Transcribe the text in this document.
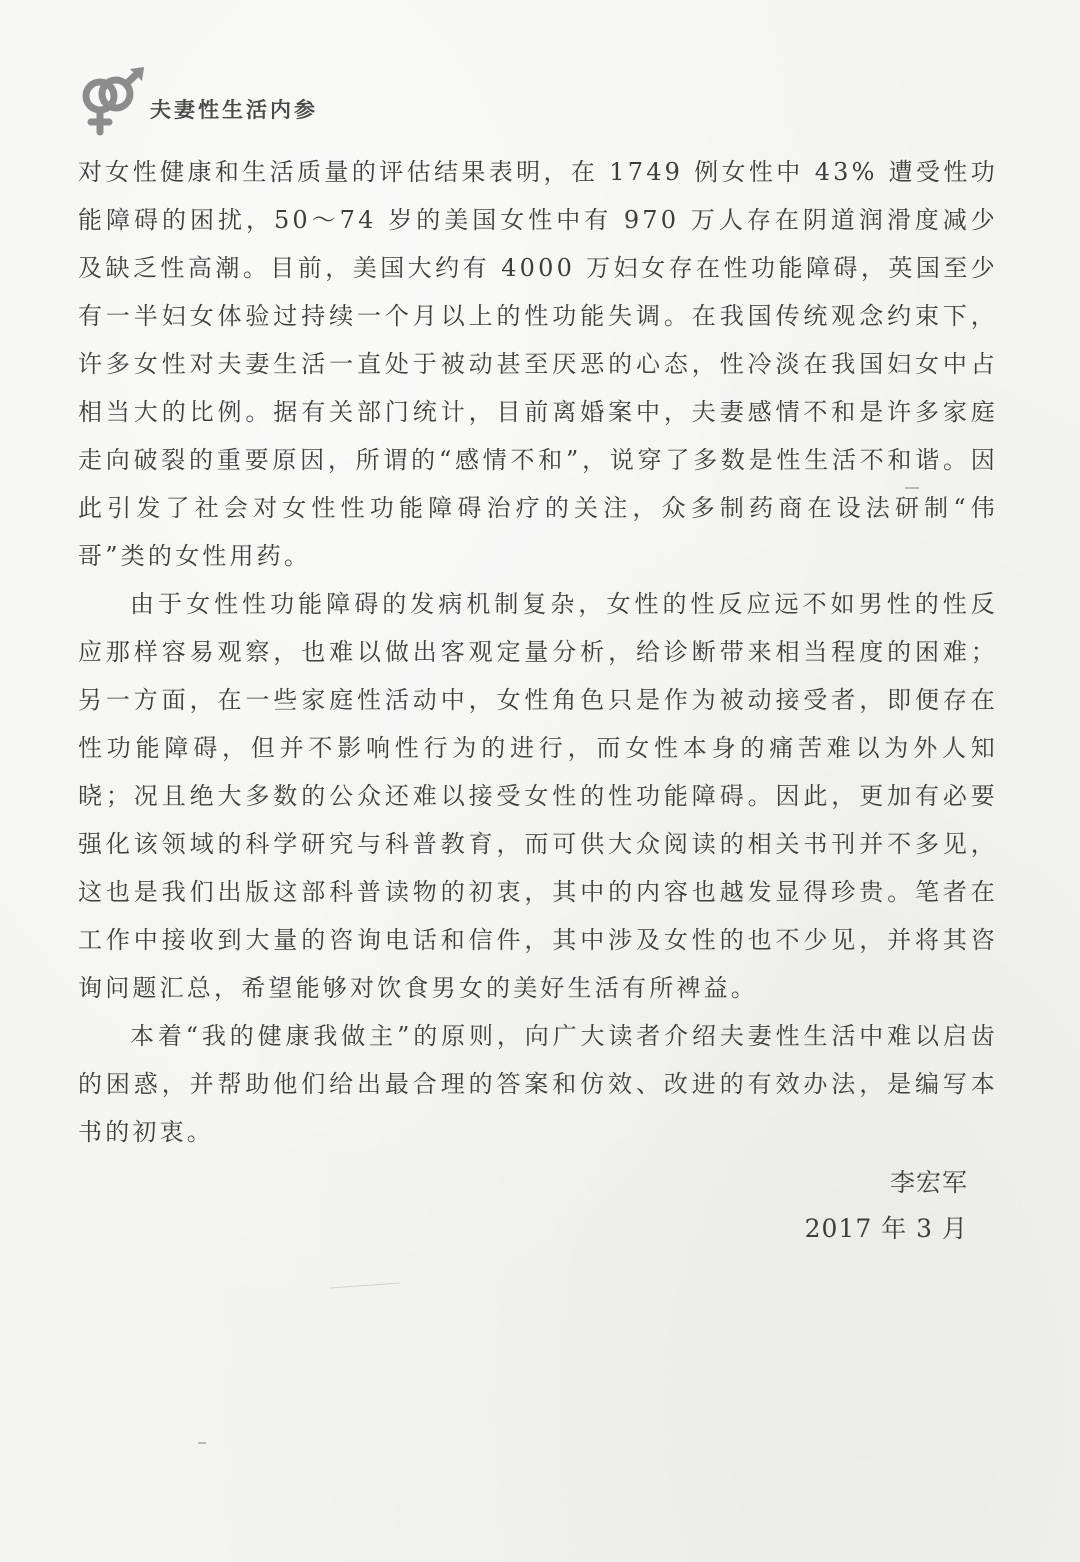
夫妻性生活内参

对女性健康和生活质量的评估结果表明，在 1749 例女性中 43% 遭受性功能障碍的困扰，50～74 岁的美国女性中有 970 万人存在阴道润滑度减少及缺乏性高潮。目前，美国大约有 4000 万妇女存在性功能障碍，英国至少有一半妇女体验过持续一个月以上的性功能失调。在我国传统观念约束下，许多女性对夫妻生活一直处于被动甚至厌恶的心态，性冷淡在我国妇女中占相当大的比例。据有关部门统计，目前离婚案中，夫妻感情不和是许多家庭走向破裂的重要原因，所谓的“感情不和”，说穿了多数是性生活不和谐。因此引发了社会对女性性功能障碍治疗的关注，众多制药商在设法研制“伟哥”类的女性用药。

由于女性性功能障碍的发病机制复杂，女性的性反应远不如男性的性反应那样容易观察，也难以做出客观定量分析，给诊断带来相当程度的困难；另一方面，在一些家庭性活动中，女性角色只是作为被动接受者，即便存在性功能障碍，但并不影响性行为的进行，而女性本身的痛苦难以为外人知晓；况且绝大多数的公众还难以接受女性的性功能障碍。因此，更加有必要强化该领域的科学研究与科普教育，而可供大众阅读的相关书刊并不多见，这也是我们出版这部科普读物的初衷，其中的内容也越发显得珍贵。笔者在工作中接收到大量的咨询电话和信件，其中涉及女性的也不少见，并将其咨询问题汇总，希望能够对饮食男女的美好生活有所裨益。

本着“我的健康我做主”的原则，向广大读者介绍夫妻性生活中难以启齿的困惑，并帮助他们给出最合理的答案和仿效、改进的有效办法，是编写本书的初衷。

李宏军
2017 年 3 月
